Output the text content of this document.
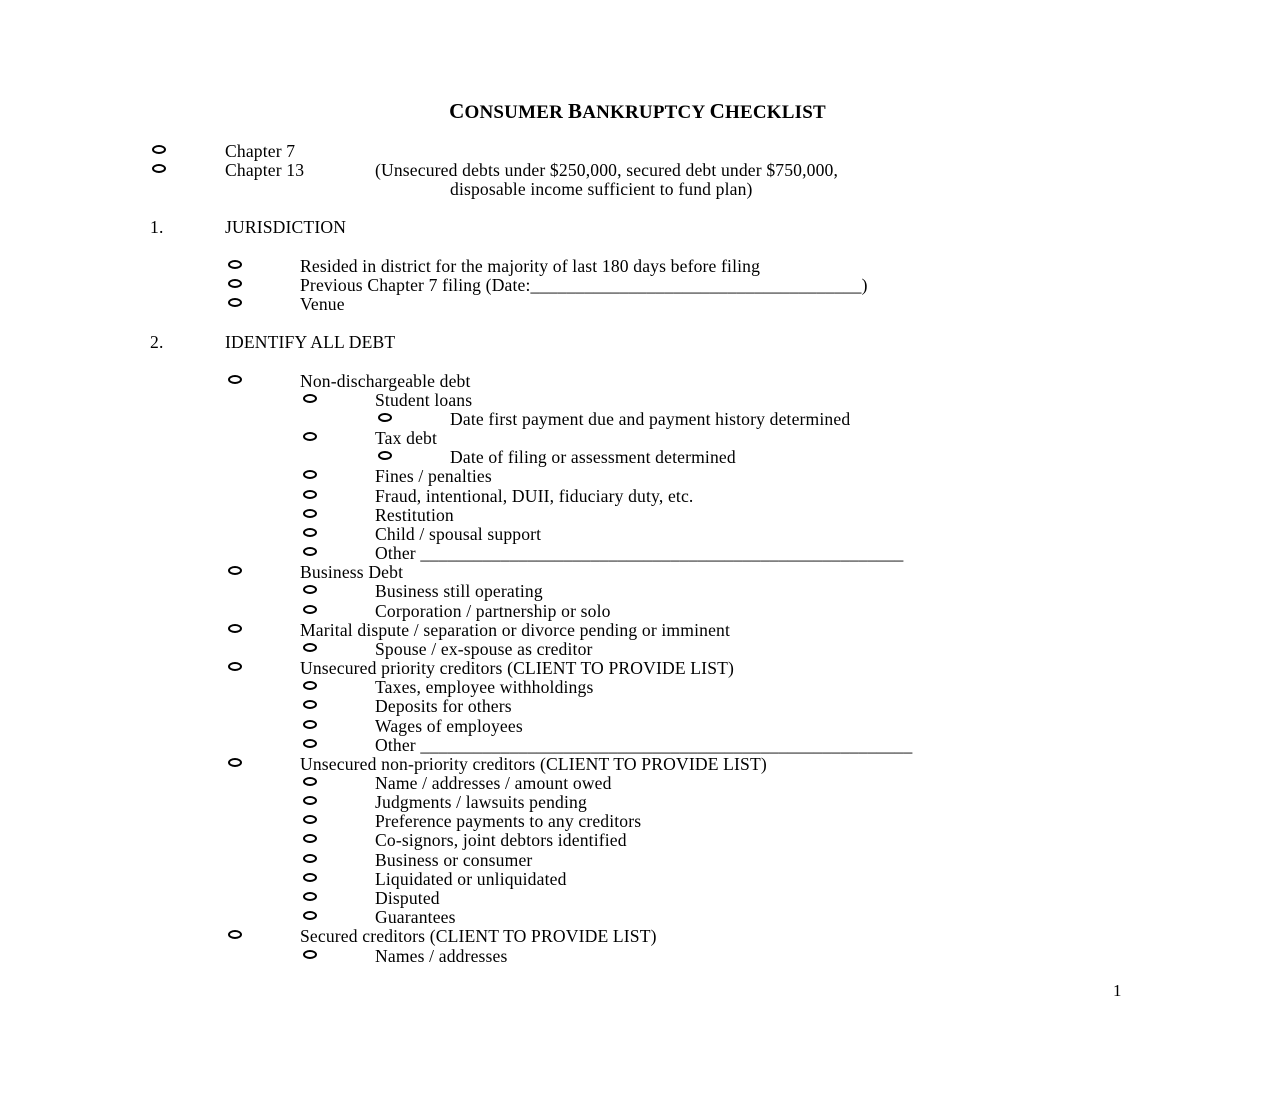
CONSUMER BANKRUPTCY CHECKLIST
Chapter 7
Chapter 13	(Unsecured debts under $250,000, secured debt under $750,000,
disposable income sufficient to fund plan)
1.	JURISDICTION
Resided in district for the majority of last 180 days before filing
Previous Chapter 7 filing (Date:_____________________________________)
Venue
2.	IDENTIFY ALL DEBT
Non-dischargeable debt
Student loans
Date first payment due and payment history determined
Tax debt
Date of filing or assessment determined
Fines / penalties
Fraud, intentional, DUII, fiduciary duty, etc.
Restitution
Child / spousal support
Other ______________________________________________________
Business Debt
Business still operating
Corporation / partnership or solo
Marital dispute / separation or divorce pending or imminent
Spouse / ex-spouse as creditor
Unsecured priority creditors (CLIENT TO PROVIDE LIST)
Taxes, employee withholdings
Deposits for others
Wages of employees
Other _______________________________________________________
Unsecured non-priority creditors (CLIENT TO PROVIDE LIST)
Name / addresses / amount owed
Judgments / lawsuits pending
Preference payments to any creditors
Co-signors, joint debtors identified
Business or consumer
Liquidated or unliquidated
Disputed
Guarantees
Secured creditors (CLIENT TO PROVIDE LIST)
Names / addresses
1
